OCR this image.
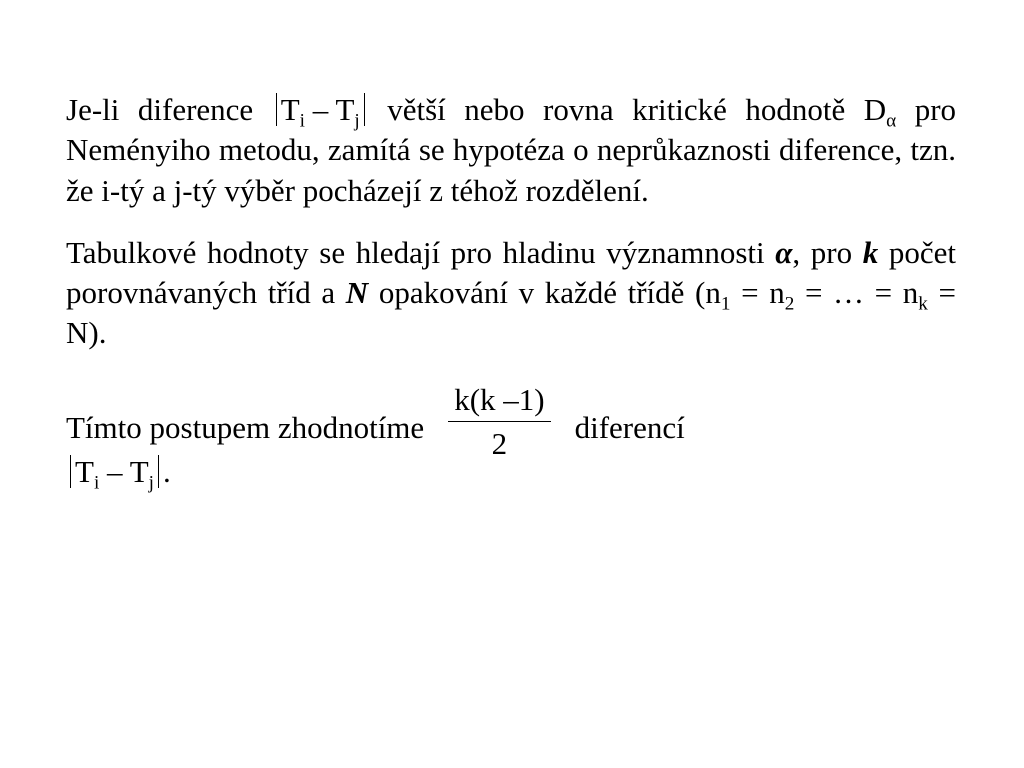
Je-li diference $T_i - T_j$ větší nebo rovna kritické hodnotě $D_\alpha$ pro Neményiho metodu, zamítá se hypotéza o neprůkaznosti diference, tzn. že i-tý a j-tý výběr pocházejí z téhož rozdělení.

Tabulkové hodnoty se hledají pro hladinu významnosti α, pro k počet porovnávaných tříd a N opakování v každé třídě ($n_1 = n_2$ = … = $n_k = N$).

Tímto postupem zhodnotíme $\frac{k(k -1)}{2}$ diferencí
$T_i - T_j$ .
